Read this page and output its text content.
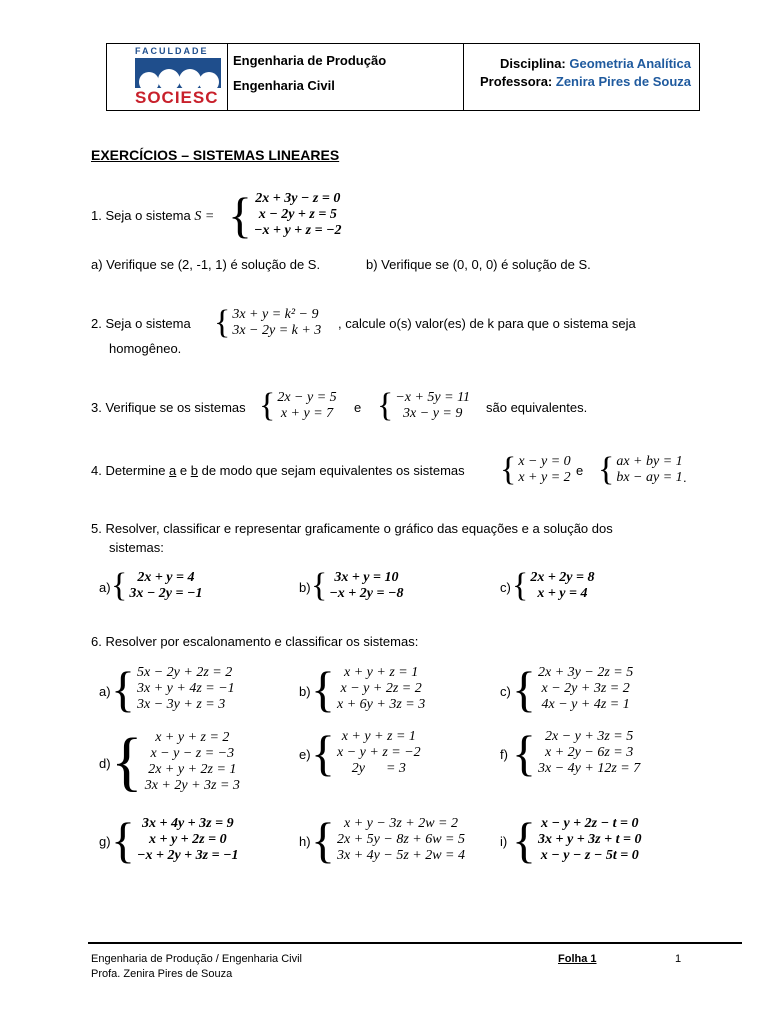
FACULDADE
SOCIESC
Engenharia de Produção
Engenharia Civil
Disciplina: Geometria Analítica
Professora: Zenira Pires de Souza
EXERCÍCIOS – SISTEMAS LINEARES
1. Seja o sistema S = { 2x + 3y − z = 0
x − 2y + z = 5
−x + y + z = −2
a) Verifique se (2, -1, 1) é solução de S.	b) Verifique se (0, 0, 0) é solução de S.
2. Seja o sistema { 3x + y = k² − 9
3x − 2y = k + 3 , calcule o(s) valor(es) de k para que o sistema seja
homogêneo.
3. Verifique se os sistemas { 2x − y = 5
x + y = 7 e { −x + 5y = 11
3x − y = 9	são equivalentes.
4. Determine a e b de modo que sejam equivalentes os sistemas { x − y = 0
x + y = 2 e { ax + by = 1
bx − ay = 1 .
5. Resolver, classificar e representar graficamente o gráfico das equações e a solução dos
sistemas:
a) { 2x + y = 4
3x − 2y = −1	b) { 3x + y = 10
−x + 2y = −8	c) { 2x + 2y = 8
x + y = 4
6. Resolver por escalonamento e classificar os sistemas:
a) { 5x − 2y + 2z = 2
3x + y + 4z = −1
3x − 3y + z = 3
b) { x + y + z = 1
x − y + 2z = 2
x + 6y + 3z = 3
c) { 2x + 3y − 2z = 5
x − 2y + 3z = 2
4x − y + 4z = 1
d) { x + y + z = 2
x − y − z = −3
2x + y + 2z = 1
3x + 2y + 3z = 3
e) { x + y + z = 1
x − y + z = −2
2y      = 3
f) { 2x − y + 3z = 5
x + 2y − 6z = 3
3x − 4y + 12z = 7
g) { 3x + 4y + 3z = 9
x + y + 2z = 0
−x + 2y + 3z = −1
h) { x + y − 3z + 2w = 2
2x + 5y − 8z + 6w = 5
3x + 4y − 5z + 2w = 4
i) { x − y + 2z − t = 0
3x + y + 3z + t = 0
x − y − z − 5t = 0
Engenharia de Produção / Engenharia Civil
Profa. Zenira Pires de Souza
Folha 1	1
